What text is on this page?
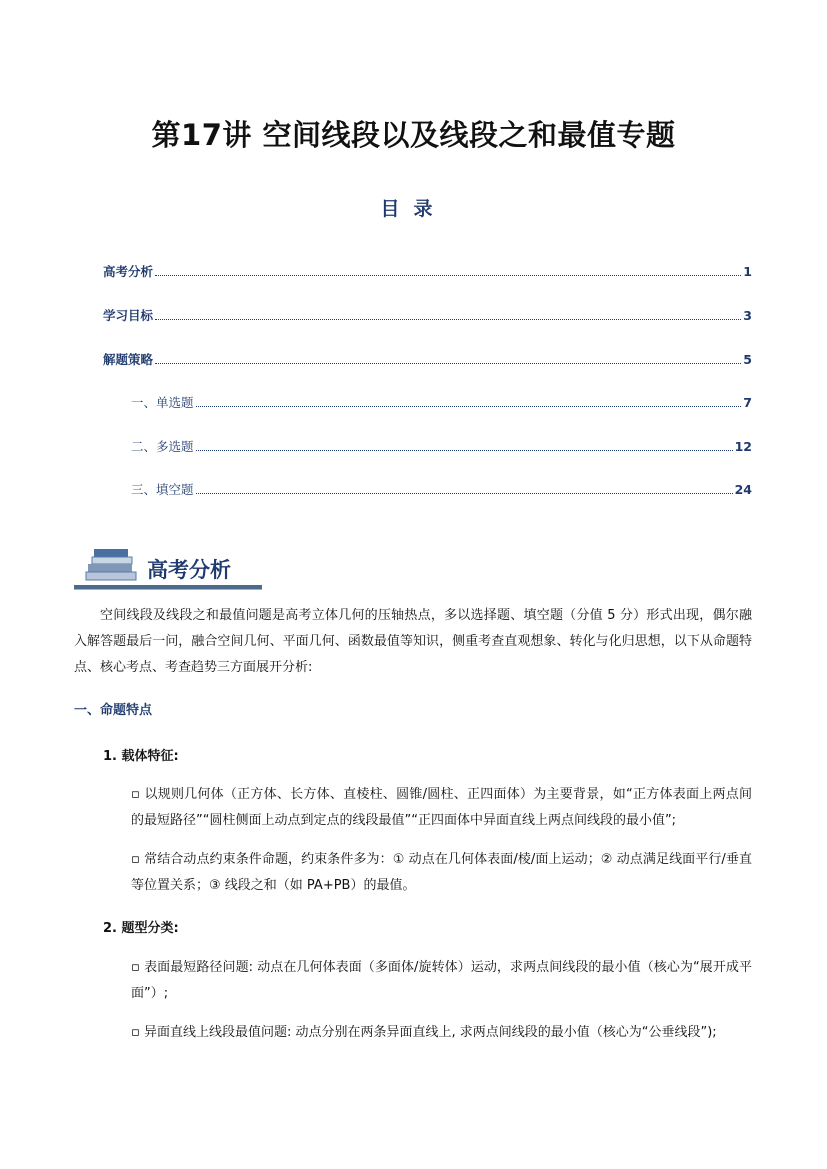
第17讲 空间线段以及线段之和最值专题
目录
高考分析	1
学习目标	3
解题策略	5
一、单选题	7
二、多选题	12
三、填空题	24
高考分析
空间线段及线段之和最值问题是高考立体几何的压轴热点，多以选择题、填空题（分值 5 分）形式出现，偶尔融入解答题最后一问，融合空间几何、平面几何、函数最值等知识，侧重考查直观想象、转化与化归思想，以下从命题特点、核心考点、考查趋势三方面展开分析:
一、命题特点
1. 载体特征:
▫ 以规则几何体（正方体、长方体、直棱柱、圆锥/圆柱、正四面体）为主要背景，如“正方体表面上两点间的最短路径”“圆柱侧面上动点到定点的线段最值”“正四面体中异面直线上两点间线段的最小值”;
▫ 常结合动点约束条件命题，约束条件多为：① 动点在几何体表面/棱/面上运动；② 动点满足线面平行/垂直等位置关系；③ 线段之和（如 PA+PB）的最值。
2. 题型分类:
▫ 表面最短路径问题: 动点在几何体表面（多面体/旋转体）运动，求两点间线段的最小值（核心为“展开成平面”）;
▫ 异面直线上线段最值问题: 动点分别在两条异面直线上, 求两点间线段的最小值（核心为“公垂线段”);
